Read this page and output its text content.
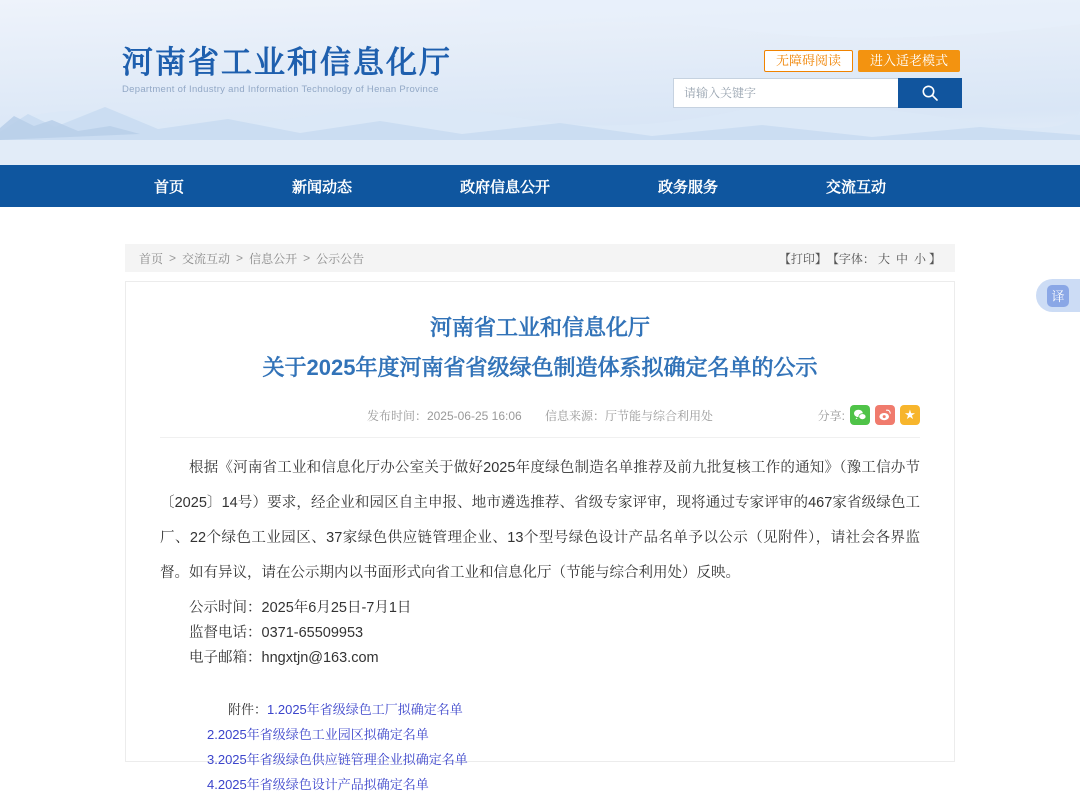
河南省工业和信息化厅
Department of Industry and Information Technology of Henan Province
无障碍阅读	进入适老模式
请输入关键字
首页	新闻动态	政府信息公开	政务服务	交流互动
首页 > 交流互动 > 信息公开 > 公示公告	【打印】 【字体： 大 中 小 】
河南省工业和信息化厅
关于2025年度河南省省级绿色制造体系拟确定名单的公示
发布时间：2025-06-25 16:06 信息来源：厅节能与综合利用处	分享:	★

根据《河南省工业和信息化厅办公室关于做好2025年度绿色制造名单推荐及前九批复核工作的通知》（豫工信办节〔2025〕14号）要求，经企业和园区自主申报、地市遴选推荐、省级专家评审，现将通过专家评审的467家省级绿色工厂、22个绿色工业园区、37家绿色供应链管理企业、13个型号绿色设计产品名单予以公示（见附件），请社会各界监督。如有异议，请在公示期内以书面形式向省工业和信息化厅（节能与综合利用处）反映。

公示时间：2025年6月25日-7月1日
监督电话：0371-65509953
电子邮箱：hngxtjn@163.com
附件：1.2025年省级绿色工厂拟确定名单
2.2025年省级绿色工业园区拟确定名单
3.2025年省级绿色供应链管理企业拟确定名单
4.2025年省级绿色设计产品拟确定名单
译
